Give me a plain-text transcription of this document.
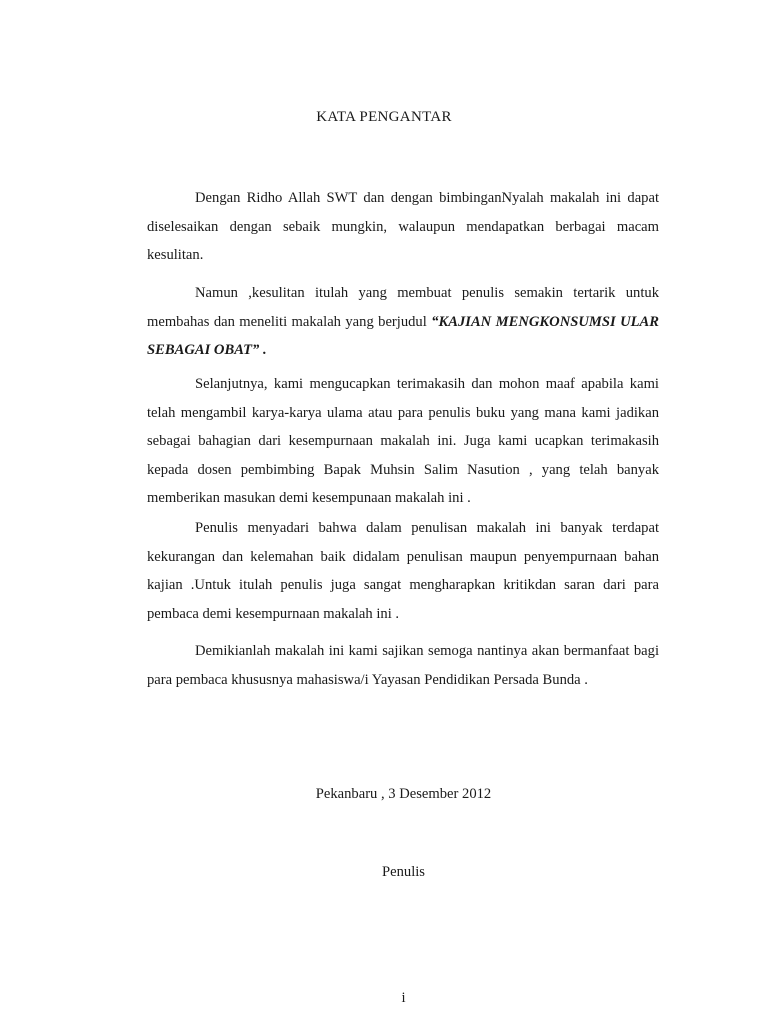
KATA PENGANTAR

Dengan Ridho Allah SWT dan dengan bimbinganNyalah makalah ini dapat diselesaikan dengan sebaik mungkin, walaupun mendapatkan berbagai macam kesulitan.

Namun ,kesulitan itulah yang membuat penulis semakin tertarik untuk membahas dan meneliti makalah yang berjudul “KAJIAN MENGKONSUMSI ULAR SEBAGAI OBAT” .

Selanjutnya, kami mengucapkan terimakasih dan mohon maaf apabila kami telah mengambil karya-karya ulama atau para penulis buku yang mana kami jadikan sebagai bahagian dari kesempurnaan makalah ini. Juga kami ucapkan terimakasih kepada dosen pembimbing Bapak Muhsin Salim Nasution , yang telah banyak memberikan masukan demi kesempunaan makalah ini .

Penulis menyadari bahwa dalam penulisan makalah ini banyak terdapat kekurangan dan kelemahan baik didalam penulisan maupun penyempurnaan bahan kajian .Untuk itulah penulis juga sangat mengharapkan kritikdan saran dari para pembaca demi kesempurnaan makalah ini .

Demikianlah makalah ini kami sajikan semoga nantinya akan bermanfaat bagi para pembaca khususnya mahasiswa/i Yayasan Pendidikan Persada Bunda .

Pekanbaru , 3 Desember 2012
Penulis
i
